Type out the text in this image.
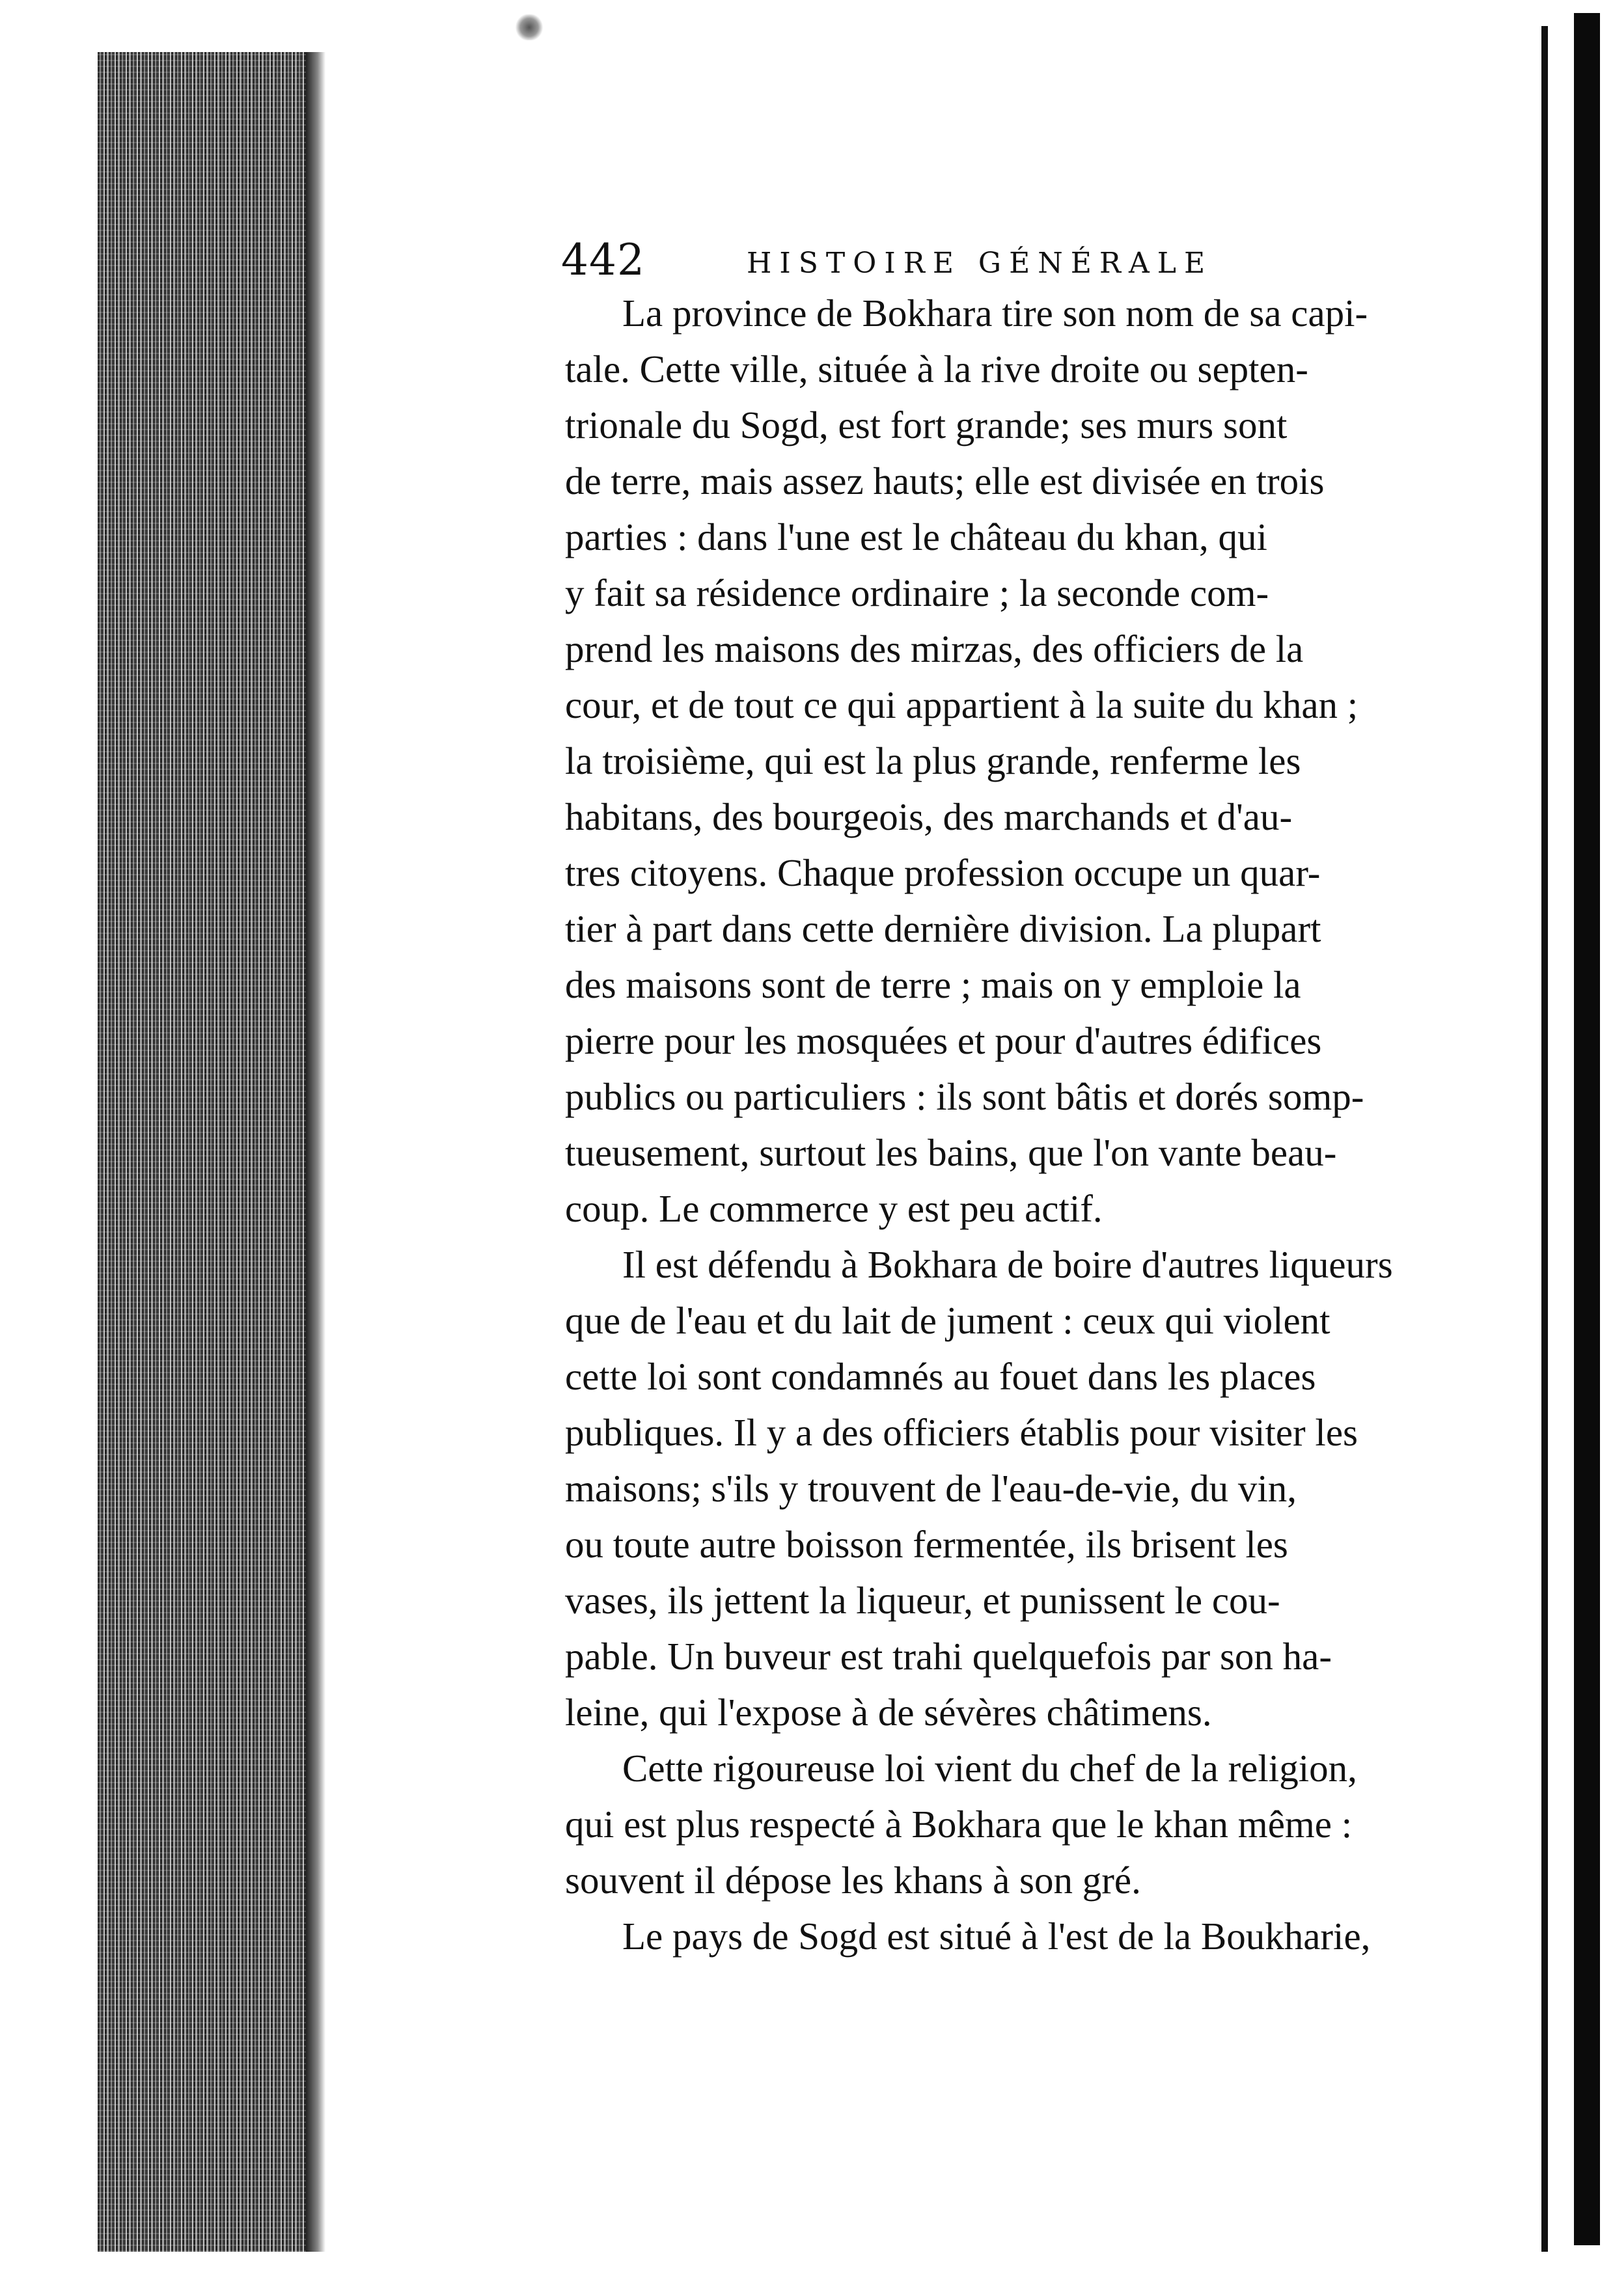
442	HISTOIRE GÉNÉRALE
La province de Bokhara tire son nom de sa capi-
tale. Cette ville, située à la rive droite ou septen-
trionale du Sogd, est fort grande; ses murs sont
de terre, mais assez hauts; elle est divisée en trois
parties : dans l'une est le château du khan, qui
y fait sa résidence ordinaire ; la seconde com-
prend les maisons des mirzas, des officiers de la
cour, et de tout ce qui appartient à la suite du khan ;
la troisième, qui est la plus grande, renferme les
habitans, des bourgeois, des marchands et d'au-
tres citoyens. Chaque profession occupe un quar-
tier à part dans cette dernière division. La plupart
des maisons sont de terre ; mais on y emploie la
pierre pour les mosquées et pour d'autres édifices
publics ou particuliers : ils sont bâtis et dorés somp-
tueusement, surtout les bains, que l'on vante beau-
coup. Le commerce y est peu actif.
Il est défendu à Bokhara de boire d'autres liqueurs
que de l'eau et du lait de jument : ceux qui violent
cette loi sont condamnés au fouet dans les places
publiques. Il y a des officiers établis pour visiter les
maisons; s'ils y trouvent de l'eau-de-vie, du vin,
ou toute autre boisson fermentée, ils brisent les
vases, ils jettent la liqueur, et punissent le cou-
pable. Un buveur est trahi quelquefois par son ha-
leine, qui l'expose à de sévères châtimens.
Cette rigoureuse loi vient du chef de la religion,
qui est plus respecté à Bokhara que le khan même :
souvent il dépose les khans à son gré.
Le pays de Sogd est situé à l'est de la Boukharie,
